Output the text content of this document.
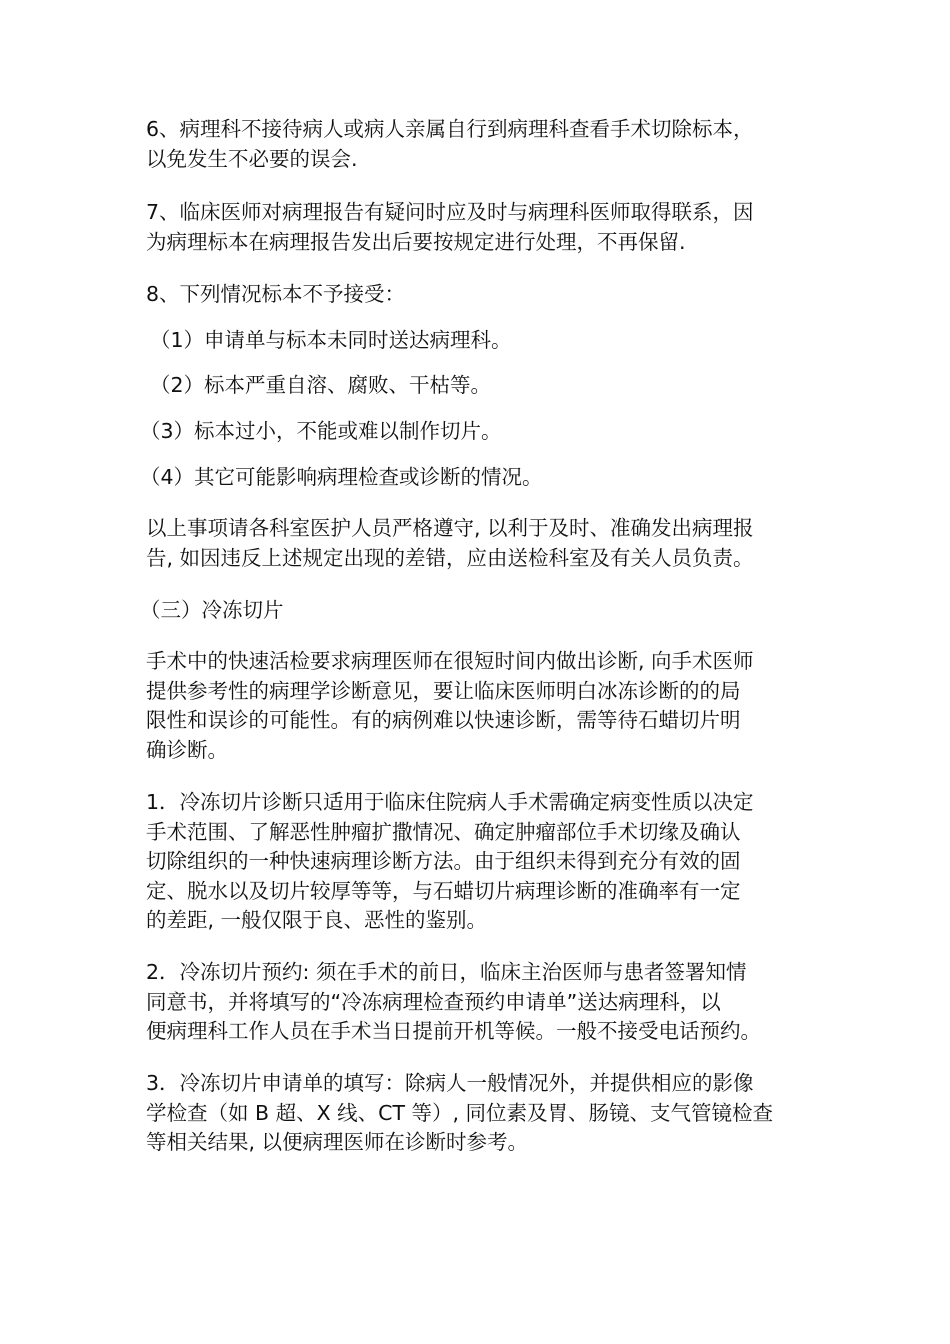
6、病理科不接待病人或病人亲属自行到病理科查看手术切除标本，
以免发生不必要的误会.

7、临床医师对病理报告有疑问时应及时与病理科医师取得联系，因
为病理标本在病理报告发出后要按规定进行处理，不再保留.

8、下列情况标本不予接受：

（1）申请单与标本未同时送达病理科。

（2）标本严重自溶、腐败、干枯等。

（3）标本过小，不能或难以制作切片。

（4）其它可能影响病理检查或诊断的情况。

以上事项请各科室医护人员严格遵守, 以利于及时、准确发出病理报
告, 如因违反上述规定出现的差错，应由送检科室及有关人员负责。

（三）冷冻切片

手术中的快速活检要求病理医师在很短时间内做出诊断, 向手术医师
提供参考性的病理学诊断意见，要让临床医师明白冰冻诊断的的局
限性和误诊的可能性。有的病例难以快速诊断，需等待石蜡切片明
确诊断。

1．冷冻切片诊断只适用于临床住院病人手术需确定病变性质以决定
手术范围、了解恶性肿瘤扩撒情况、确定肿瘤部位手术切缘及确认
切除组织的一种快速病理诊断方法。由于组织未得到充分有效的固
定、脱水以及切片较厚等等，与石蜡切片病理诊断的准确率有一定
的差距, 一般仅限于良、恶性的鉴别。

2．冷冻切片预约: 须在手术的前日，临床主治医师与患者签署知情
同意书，并将填写的“冷冻病理检查预约申请单”送达病理科，以
便病理科工作人员在手术当日提前开机等候。一般不接受电话预约。

3．冷冻切片申请单的填写：除病人一般情况外，并提供相应的影像
学检查（如 B 超、X 线、CT 等）, 同位素及胃、肠镜、支气管镜检查
等相关结果, 以便病理医师在诊断时参考。
